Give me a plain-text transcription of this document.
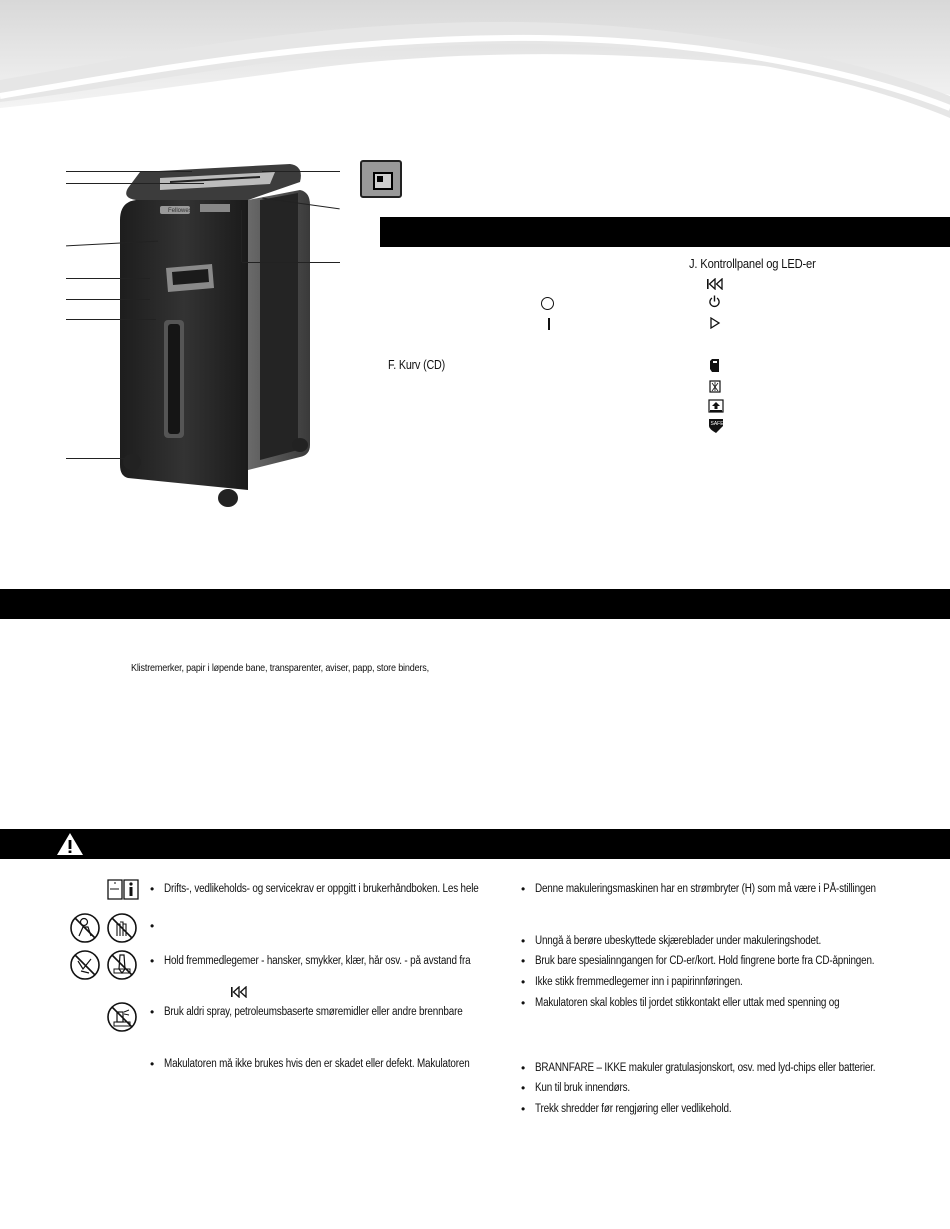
Fellowes
F. Kurv (CD)
J. Kontrollpanel og LED-er
SAFE
Klistremerker, papir i løpende bane, transparenter, aviser, papp, store binders,
• Drifts-, vedlikeholds- og servicekrav er oppgitt i brukerhåndboken. Les hele
•
• Hold fremmedlegemer - hansker, smykker, klær, hår osv. - på avstand fra
• Bruk aldri spray, petroleumsbaserte smøremidler eller andre brennbare
• Makulatoren må ikke brukes hvis den er skadet eller defekt. Makulatoren
• Denne makuleringsmaskinen har en strømbryter (H) som må være i PÅ-stillingen
• Unngå å berøre ubeskyttede skjæreblader under makuleringshodet.
• Bruk bare spesialinngangen for CD-er/kort. Hold fingrene borte fra CD-åpningen.
• Ikke stikk fremmedlegemer inn i papirinnføringen.
• Makulatoren skal kobles til jordet stikkontakt eller uttak med spenning og
• BRANNFARE – IKKE makuler gratulasjonskort, osv. med lyd-chips eller batterier.
• Kun til bruk innendørs.
• Trekk shredder før rengjøring eller vedlikehold.
